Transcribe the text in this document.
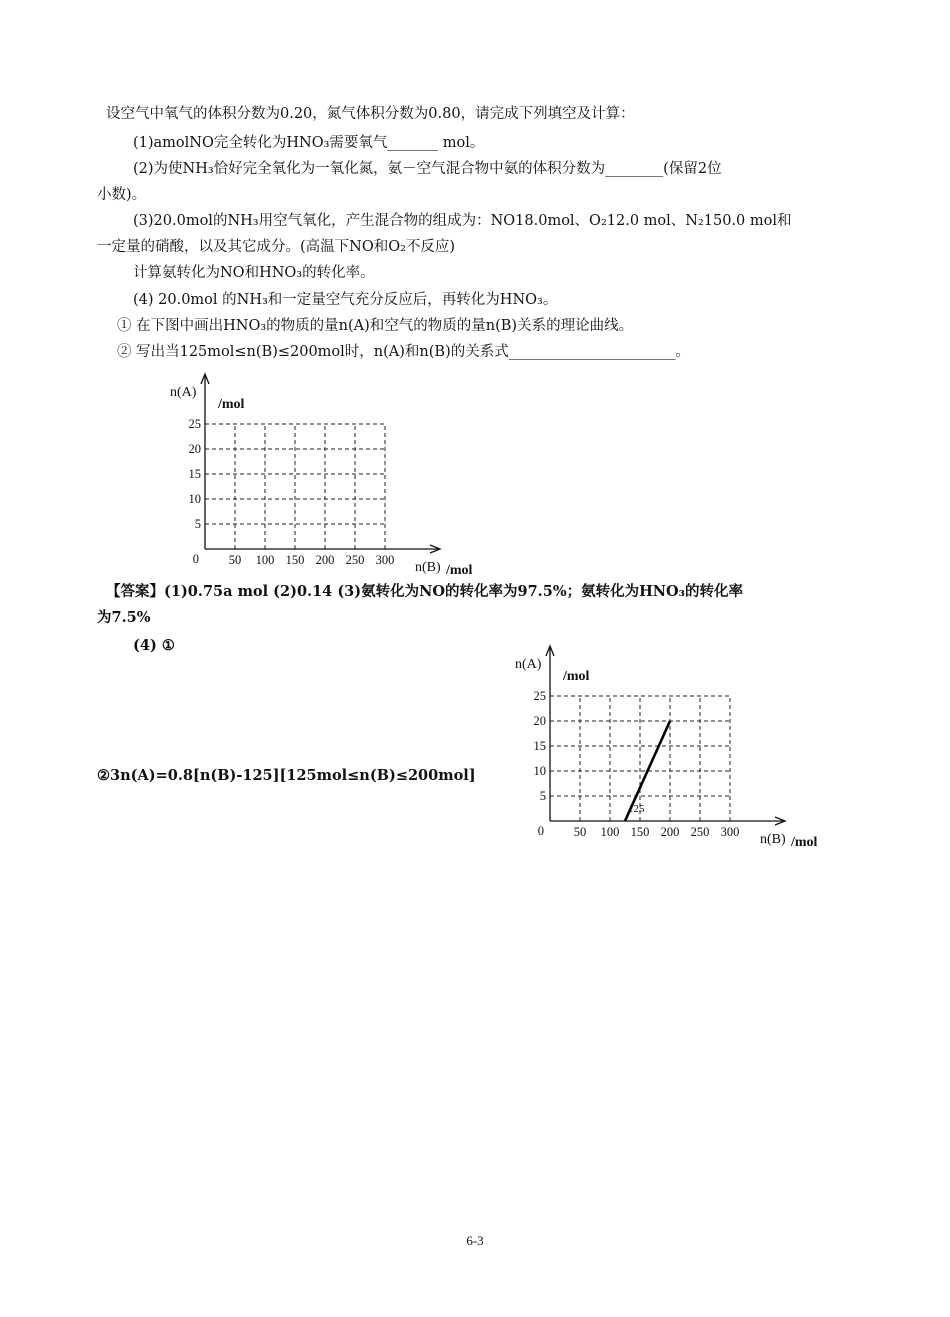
设空气中氧气的体积分数为0.20，氮气体积分数为0.80，请完成下列填空及计算：
(1)amolNO完全转化为HNO₃需要氧气_______ mol。
(2)为使NH₃恰好完全氧化为一氧化氮，氨－空气混合物中氨的体积分数为________(保留2位
小数)。
(3)20.0mol的NH₃用空气氧化，产生混合物的组成为：NO18.0mol、O₂12.0 mol、N₂150.0 mol和
一定量的硝酸，以及其它成分。(高温下NO和O₂不反应)
计算氨转化为NO和HNO₃的转化率。
(4) 20.0mol 的NH₃和一定量空气充分反应后，再转化为HNO₃。
① 在下图中画出HNO₃的物质的量n(A)和空气的物质的量n(B)关系的理论曲线。
② 写出当125mol≤n(B)≤200mol时，n(A)和n(B)的关系式_______________________。
5
10
15
20
25
0 50 100 150 200 250 300
n(A)
/mol
n(B) /mol
【答案】(1)0.75a mol (2)0.14 (3)氨转化为NO的转化率为97.5%；氨转化为HNO₃的转化率
为7.5%
(4) ①
②3n(A)=0.8[n(B)-125][125mol≤n(B)≤200mol]
5
10
15
20
25
0 50 100 150 200 250 300
n(A)
/mol
n(B) /mol
125
6-3
